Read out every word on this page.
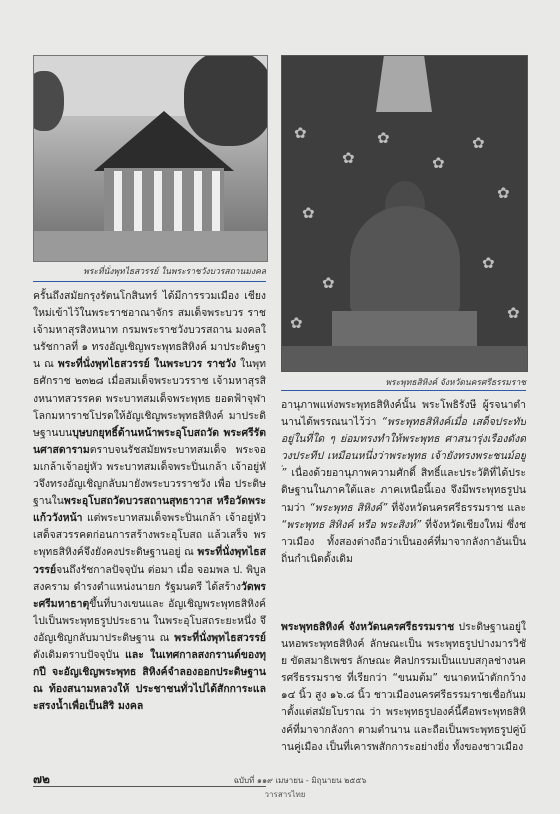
พระที่นั่งพุทไธสวรรย์ ในพระราชวังบวรสถานมงคล
✿
✿
✿
✿
✿
✿
✿
✿
✿
✿
✿
พระพุทธสิหิงค์ จังหวัดนครศรีธรรมราช

ครั้นถึงสมัยกรุงรัตนโกสินทร์ ได้มีการรวมเมือง เชียงใหม่เข้าไว้ในพระราชอาณาจักร สมเด็จพระบวร ราชเจ้ามหาสุรสิงหนาท กรมพระราชวังบวรสถาน มงคลในรัชกาลที่ ๑ ทรงอัญเชิญพระพุทธสิหิงค์ มาประดิษฐาน ณ พระที่นั่งพุทไธสวรรย์ ในพระบวร ราชวัง ในพุทธศักราช ๒๓๒๘ เมื่อสมเด็จพระบวรราช เจ้ามหาสุรสิงหนาทสวรรคต พระบาทสมเด็จพระพุทธ ยอดฟ้าจุฬาโลกมหาราชโปรดให้อัญเชิญพระพุทธสิหิงค์ มาประดิษฐานบนบุษบกยุทธิ์ด้านหน้าพระอุโบสถวัด พระศรีรัตนศาสดารามตราบจนรัชสมัยพระบาทสมเด็จ พระจอมเกล้าเจ้าอยู่หัว พระบาทสมเด็จพระปิ่นเกล้า เจ้าอยู่หัวจึงทรงอัญเชิญกลับมายังพระบวรราชวัง เพื่อ ประดิษฐานในพระอุโบสถวัดบวรสถานสุทธาวาส หรือวัดพระแก้ววังหน้า แต่พระบาทสมเด็จพระปิ่นเกล้า เจ้าอยู่หัวเสด็จสวรรคตก่อนการสร้างพระอุโบสถ แล้วเสร็จ พระพุทธสิหิงค์จึงยังคงประดิษฐานอยู่ ณ พระที่นั่งพุทไธสวรรย์จนถึงรัชกาลปัจจุบัน ต่อมา เมื่อ จอมพล ป. พิบูลสงคราม ดำรงตำแหน่งนายก รัฐมนตรี ได้สร้างวัดพระศรีมหาธาตุขึ้นที่บางเขนและ อัญเชิญพระพุทธสิหิงค์ไปเป็นพระพุทธรูปประธาน ในพระอุโบสถระยะหนึ่ง จึงอัญเชิญกลับมาประดิษฐาน ณ พระที่นั่งพุทไธสวรรย์ดังเดิมตราบปัจจุบัน และ ในเทศกาลสงกรานต์ของทุกปี จะอัญเชิญพระพุทธ สิหิงค์จำลองออกประดิษฐาน ณ ท้องสนามหลวงให้ ประชาชนทั่วไปได้สักการะและสรงน้ำเพื่อเป็นสิริ มงคล

อานุภาพแห่งพระพุทธสิหิงค์นั้น พระโพธิรังษี ผู้รจนาตำนานได้พรรณนาไว้ว่า “พระพุทธสิหิงค์เมื่อ เสด็จประทับอยู่ในที่ใด ๆ ย่อมทรงทำให้พระพุทธ ศาสนารุ่งเรืองดังดวงประทีป เหมือนหนึ่งว่าพระพุทธ เจ้ายังทรงพระชนม์อยู่” เนื่องด้วยอานุภาพความศักดิ์ สิทธิ์และประวัติที่ได้ประดิษฐานในภาคใต้และ ภาคเหนือนี้เอง จึงมีพระพุทธรูปนามว่า “พระพุทธ สิหิงค์” ที่จังหวัดนครศรีธรรมราช และ “พระพุทธ สิหิงค์ หรือ พระสิงห์” ที่จังหวัดเชียงใหม่ ซึ่งชาวเมือง ทั้งสองต่างถือว่าเป็นองค์ที่มาจากลังกาอันเป็น ถิ่นกำเนิดดั้งเดิม

พระพุทธสิหิงค์ จังหวัดนครศรีธรรมราช ประดิษฐานอยู่ในหอพระพุทธสิหิงค์ ลักษณะเป็น พระพุทธรูปปางมารวิชัย ขัดสมาธิเพชร ลักษณะ ศิลปกรรมเป็นแบบสกุลช่างนครศรีธรรมราช ที่เรียกว่า “ขนมต้ม” ขนาดหน้าตักกว้าง ๑๔ นิ้ว สูง ๑๖.๘ นิ้ว ชาวเมืองนครศรีธรรมราชเชื่อกันมาตั้งแต่สมัยโบราณ ว่า พระพุทธรูปองค์นี้คือพระพุทธสิหิงค์ที่มาจากลังกา ตามตำนาน และถือเป็นพระพุทธรูปคู่บ้านคู่เมือง เป็นที่เคารพสักการะอย่างยิ่ง ทั้งของชาวเมือง

๗๒	ฉบับที่ ๑๑๙ เมษายน - มิถุนายน ๒๕๕๖
วารสารไทย
